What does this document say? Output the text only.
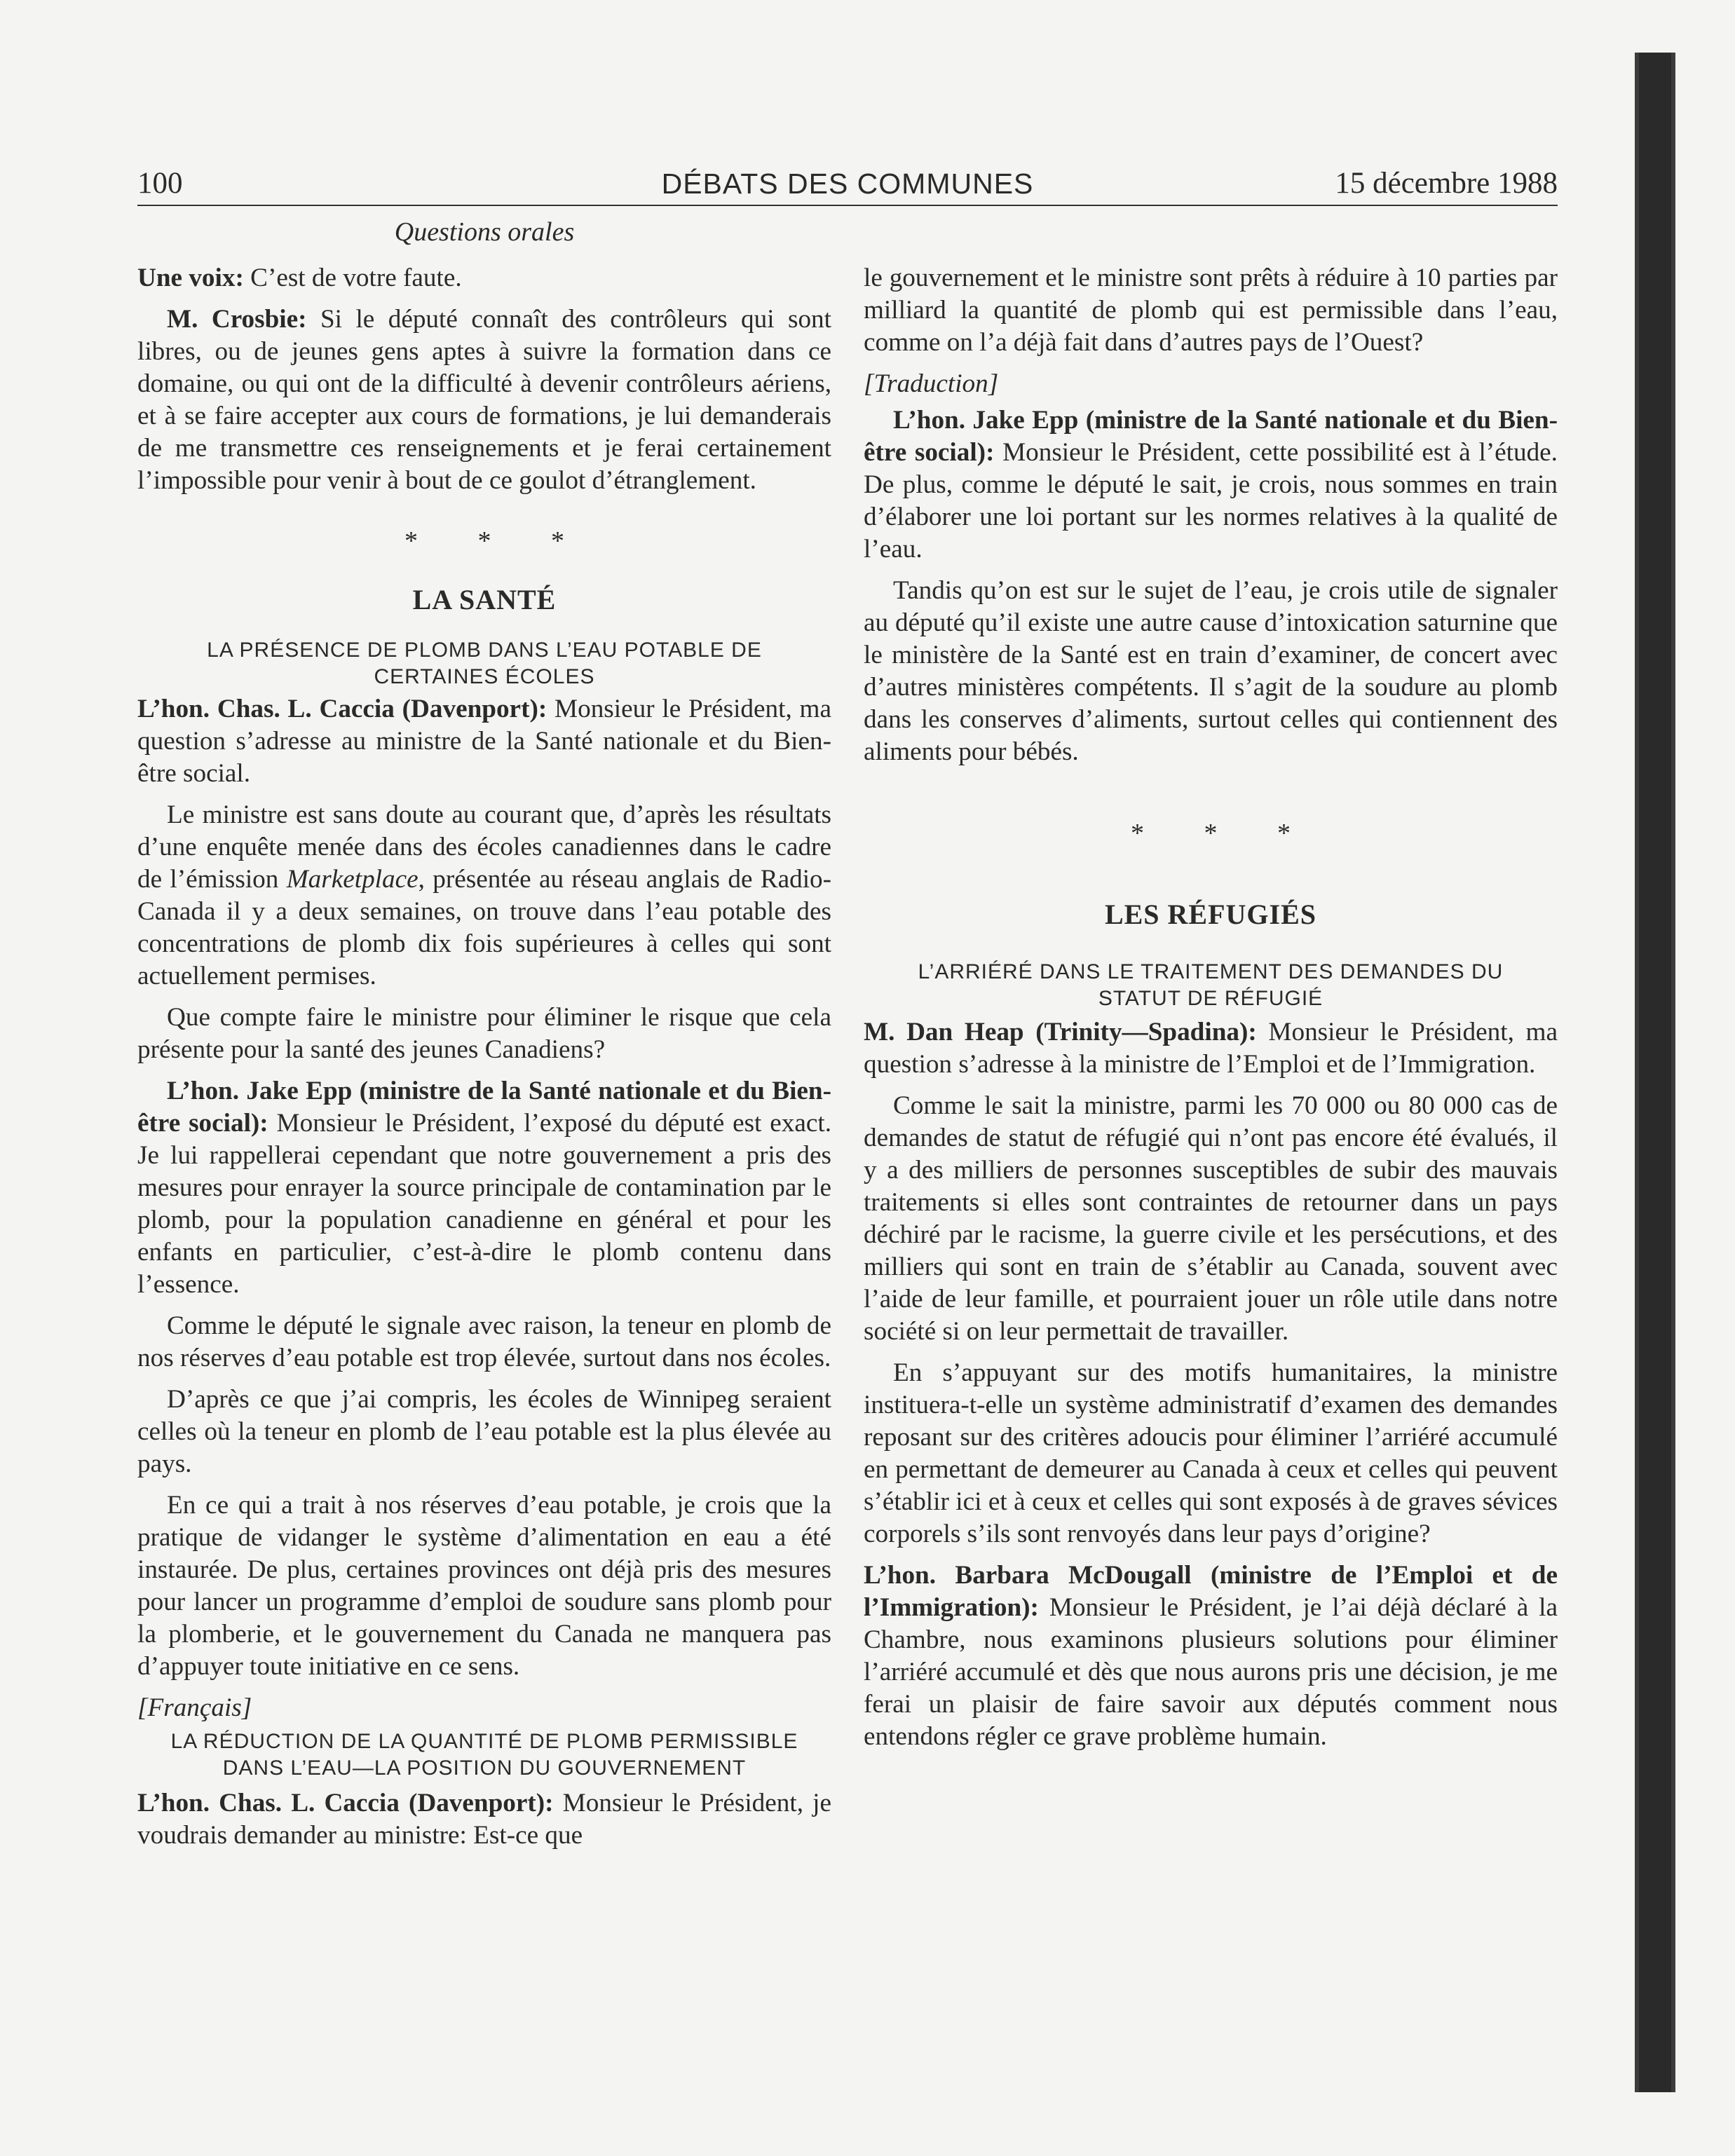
100	DÉBATS DES COMMUNES	15 décembre 1988
Questions orales

Une voix: C’est de votre faute.

M. Crosbie: Si le député connaît des contrôleurs qui sont libres, ou de jeunes gens aptes à suivre la formation dans ce domaine, ou qui ont de la difficulté à devenir contrôleurs aériens, et à se faire accepter aux cours de formations, je lui demanderais de me transmettre ces renseignements et je ferai certainement l’impossible pour venir à bout de ce goulot d’étranglement.

* * *
LA SANTÉ
LA PRÉSENCE DE PLOMB DANS L’EAU POTABLE DE CERTAINES ÉCOLES

L’hon. Chas. L. Caccia (Davenport): Monsieur le Président, ma question s’adresse au ministre de la Santé nationale et du Bien-être social.

Le ministre est sans doute au courant que, d’après les résultats d’une enquête menée dans des écoles canadiennes dans le cadre de l’émission Marketplace, présentée au réseau anglais de Radio-Canada il y a deux semaines, on trouve dans l’eau potable des concentrations de plomb dix fois supérieures à celles qui sont actuellement permises.

Que compte faire le ministre pour éliminer le risque que cela présente pour la santé des jeunes Canadiens?

L’hon. Jake Epp (ministre de la Santé nationale et du Bien-être social): Monsieur le Président, l’exposé du député est exact. Je lui rappellerai cependant que notre gouvernement a pris des mesures pour enrayer la source principale de contamination par le plomb, pour la population canadienne en général et pour les enfants en particulier, c’est-à-dire le plomb contenu dans l’essence.

Comme le député le signale avec raison, la teneur en plomb de nos réserves d’eau potable est trop élevée, surtout dans nos écoles.

D’après ce que j’ai compris, les écoles de Winnipeg seraient celles où la teneur en plomb de l’eau potable est la plus élevée au pays.

En ce qui a trait à nos réserves d’eau potable, je crois que la pratique de vidanger le système d’alimentation en eau a été instaurée. De plus, certaines provinces ont déjà pris des mesures pour lancer un programme d’emploi de soudure sans plomb pour la plomberie, et le gouvernement du Canada ne manquera pas d’appuyer toute initiative en ce sens.

[Français]
LA RÉDUCTION DE LA QUANTITÉ DE PLOMB PERMISSIBLE DANS L’EAU—LA POSITION DU GOUVERNEMENT

L’hon. Chas. L. Caccia (Davenport): Monsieur le Président, je voudrais demander au ministre: Est-ce que

le gouvernement et le ministre sont prêts à réduire à 10 parties par milliard la quantité de plomb qui est permissible dans l’eau, comme on l’a déjà fait dans d’autres pays de l’Ouest?

[Traduction]

L’hon. Jake Epp (ministre de la Santé nationale et du Bien-être social): Monsieur le Président, cette possibilité est à l’étude. De plus, comme le député le sait, je crois, nous sommes en train d’élaborer une loi portant sur les normes relatives à la qualité de l’eau.

Tandis qu’on est sur le sujet de l’eau, je crois utile de signaler au député qu’il existe une autre cause d’intoxication saturnine que le ministère de la Santé est en train d’examiner, de concert avec d’autres ministères compétents. Il s’agit de la soudure au plomb dans les conserves d’aliments, surtout celles qui contiennent des aliments pour bébés.

* * *
LES RÉFUGIÉS
L’ARRIÉRÉ DANS LE TRAITEMENT DES DEMANDES DU STATUT DE RÉFUGIÉ

M. Dan Heap (Trinity—Spadina): Monsieur le Président, ma question s’adresse à la ministre de l’Emploi et de l’Immigration.

Comme le sait la ministre, parmi les 70 000 ou 80 000 cas de demandes de statut de réfugié qui n’ont pas encore été évalués, il y a des milliers de personnes susceptibles de subir des mauvais traitements si elles sont contraintes de retourner dans un pays déchiré par le racisme, la guerre civile et les persécutions, et des milliers qui sont en train de s’établir au Canada, souvent avec l’aide de leur famille, et pourraient jouer un rôle utile dans notre société si on leur permettait de travailler.

En s’appuyant sur des motifs humanitaires, la ministre instituera-t-elle un système administratif d’examen des demandes reposant sur des critères adoucis pour éliminer l’arriéré accumulé en permettant de demeurer au Canada à ceux et celles qui peuvent s’établir ici et à ceux et celles qui sont exposés à de graves sévices corporels s’ils sont renvoyés dans leur pays d’origine?

L’hon. Barbara McDougall (ministre de l’Emploi et de l’Immigration): Monsieur le Président, je l’ai déjà déclaré à la Chambre, nous examinons plusieurs solutions pour éliminer l’arriéré accumulé et dès que nous aurons pris une décision, je me ferai un plaisir de faire savoir aux députés comment nous entendons régler ce grave problème humain.
